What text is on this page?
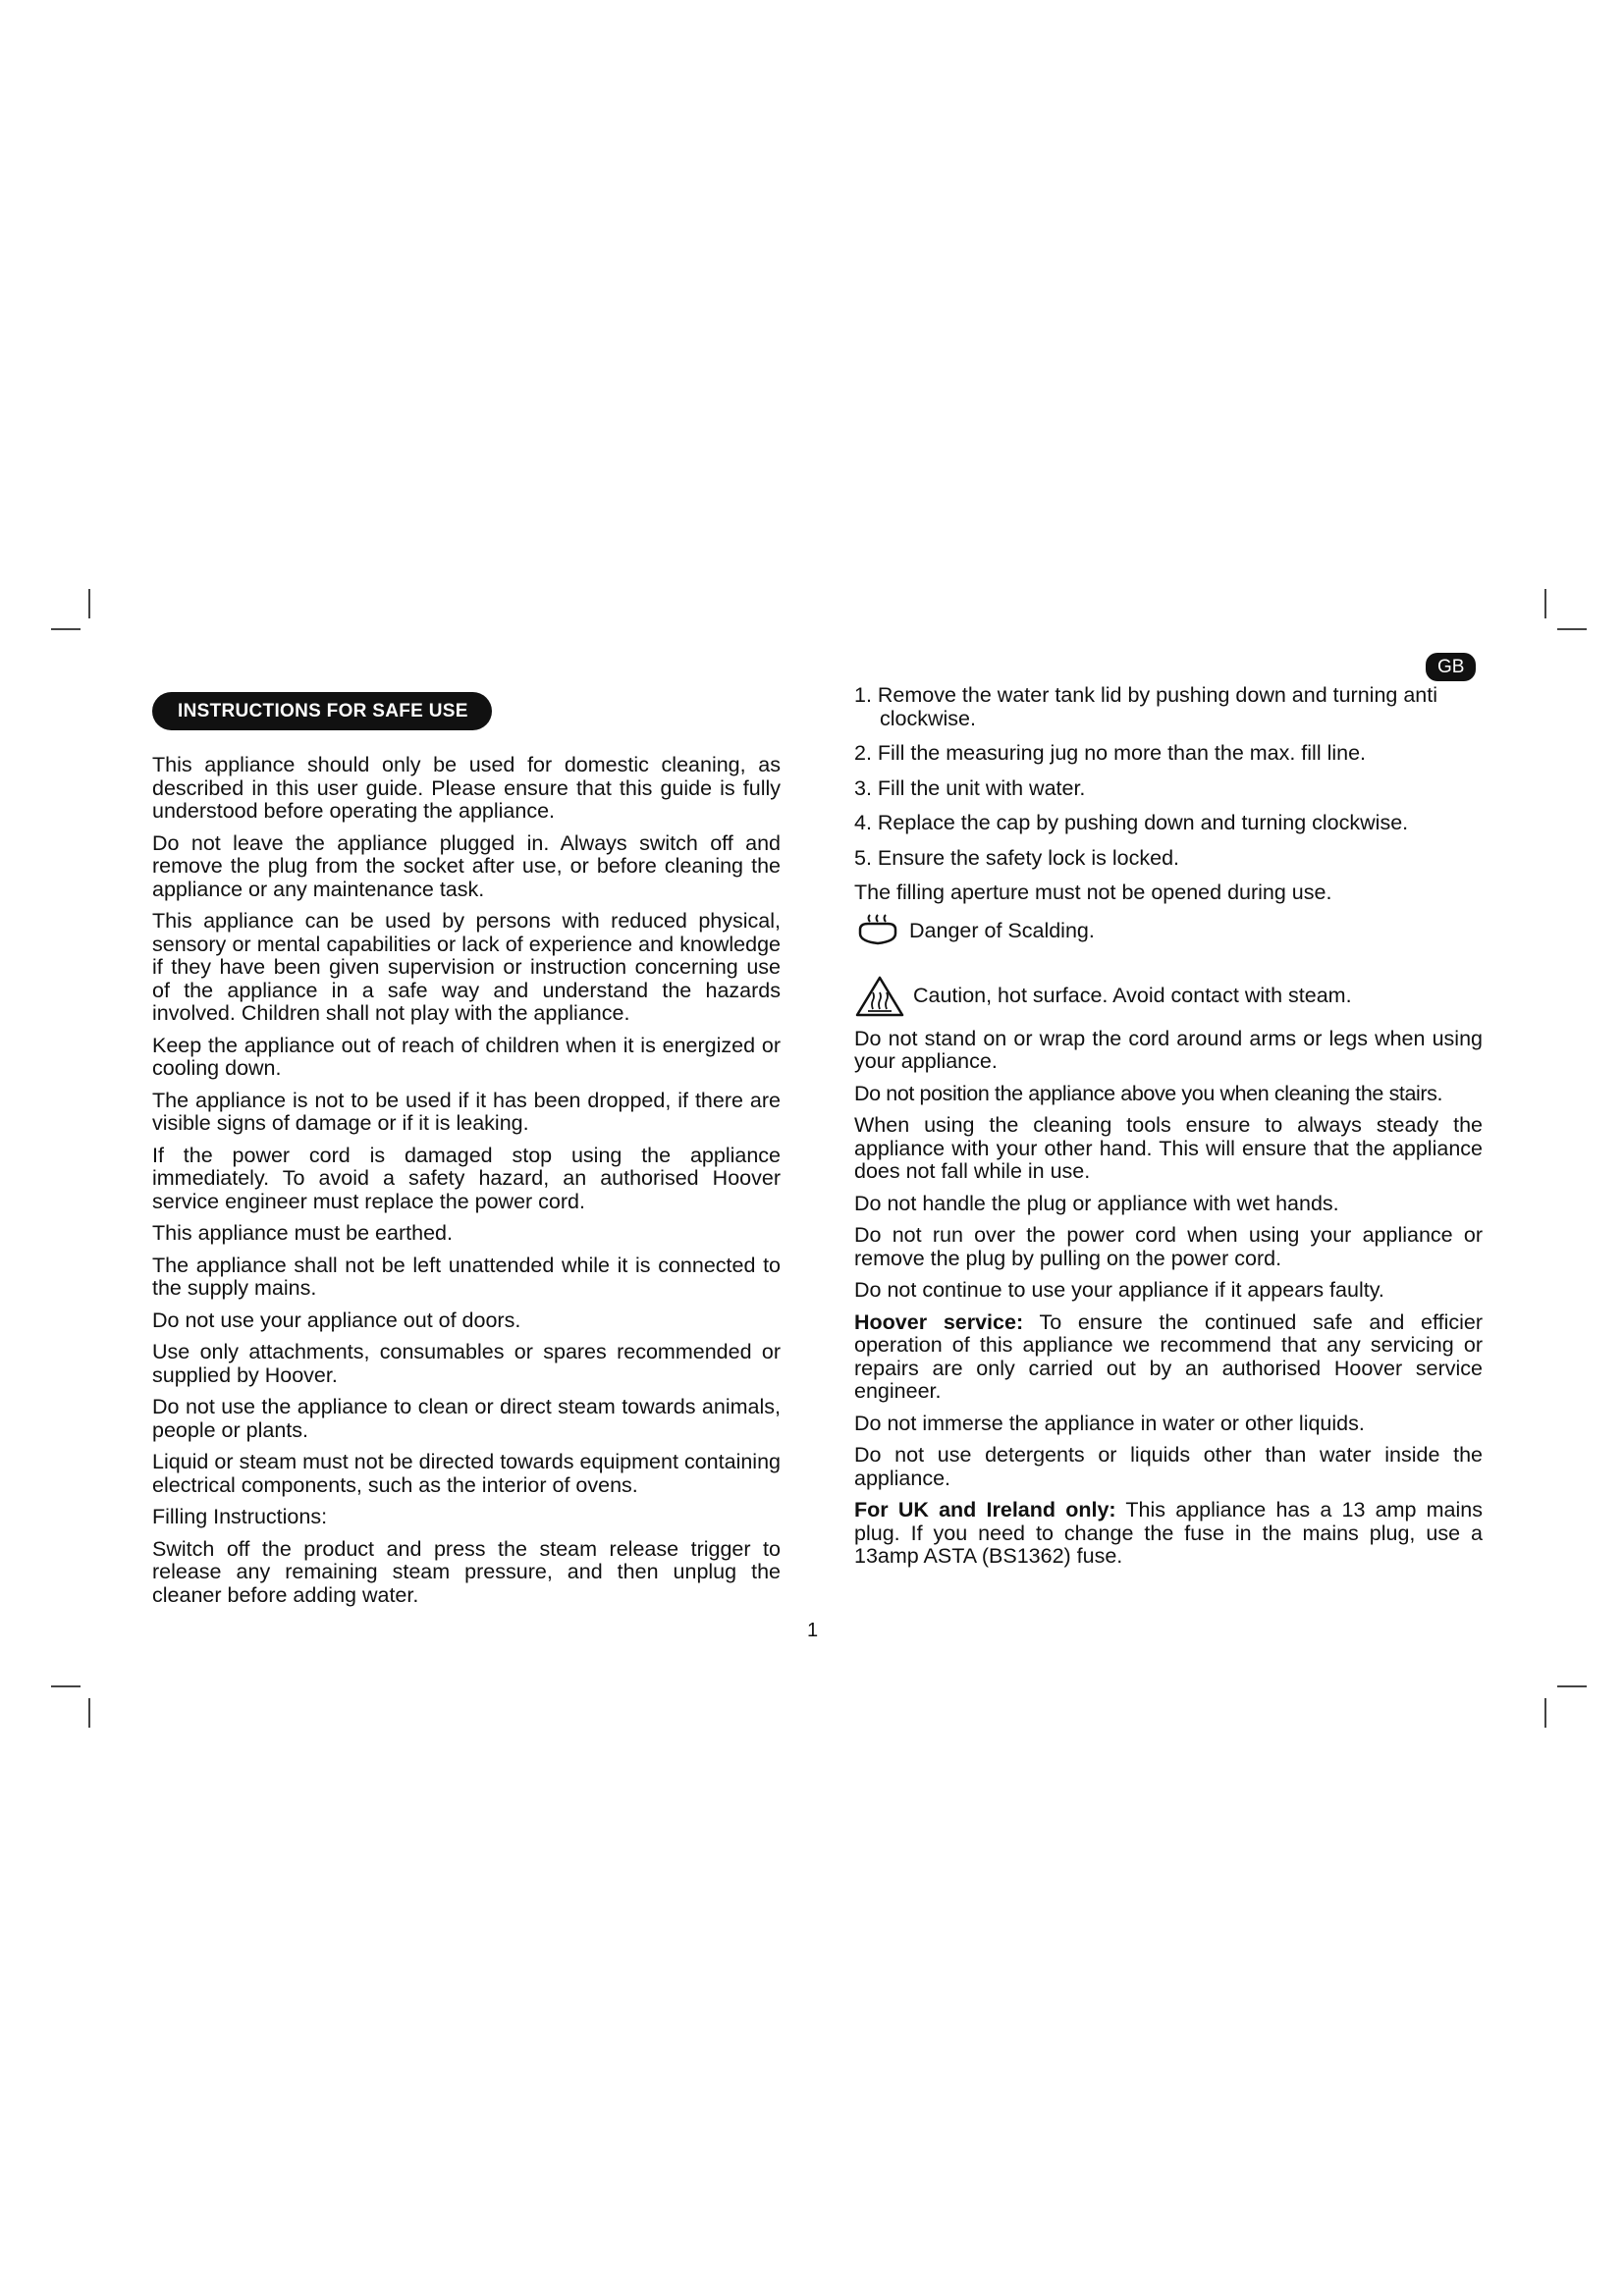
GB
INSTRUCTIONS FOR SAFE USE

This appliance should only be used for domestic cleaning, as described in this user guide. Please ensure that this guide is fully understood before operating the appliance.

Do not leave the appliance plugged in. Always switch off and remove the plug from the socket after use, or before cleaning the appliance or any maintenance task.

This appliance can be used by persons with reduced physical, sensory or mental capabilities or lack of experience and knowledge if they have been given supervision or instruction concerning use of the appliance in a safe way and understand the hazards involved. Children shall not play with the appliance.

Keep the appliance out of reach of children when it is energized or cooling down.

The appliance is not to be used if it has been dropped, if there are visible signs of damage or if it is leaking.

If the power cord is damaged stop using the appliance immediately. To avoid a safety hazard, an authorised Hoover service engineer must replace the power cord.

This appliance must be earthed.

The appliance shall not be left unattended while it is connected to the supply mains.

Do not use your appliance out of doors.

Use only attachments, consumables or spares recommended or supplied by Hoover.

Do not use the appliance to clean or direct steam towards animals, people or plants.

Liquid or steam must not be directed towards equipment containing electrical components, such as the interior of ovens.

Filling Instructions:

Switch off the product and press the steam release trigger to release any remaining steam pressure, and then unplug the cleaner before adding water.

1. Remove the water tank lid by pushing down and turning anti clockwise.

2. Fill the measuring jug no more than the max. fill line.

3. Fill the unit with water.

4. Replace the cap by pushing down and turning clockwise.

5. Ensure the safety lock is locked.

The filling aperture must not be opened during use.

Danger of Scalding.
Caution, hot surface. Avoid contact with steam.

Do not stand on or wrap the cord around arms or legs when using your appliance.

Do not position the appliance above you when cleaning the stairs.

When using the cleaning tools ensure to always steady the appliance with your other hand. This will ensure that the appliance does not fall while in use.

Do not handle the plug or appliance with wet hands.

Do not run over the power cord when using your appliance or remove the plug by pulling on the power cord.

Do not continue to use your appliance if it appears faulty.

Hoover service: To ensure the continued safe and efficier operation of this appliance we recommend that any servicing or repairs are only carried out by an authorised Hoover service engineer.

Do not immerse the appliance in water or other liquids.

Do not use detergents or liquids other than water inside the appliance.

For UK and Ireland only: This appliance has a 13 amp mains plug. If you need to change the fuse in the mains plug, use a 13amp ASTA (BS1362) fuse.

1
